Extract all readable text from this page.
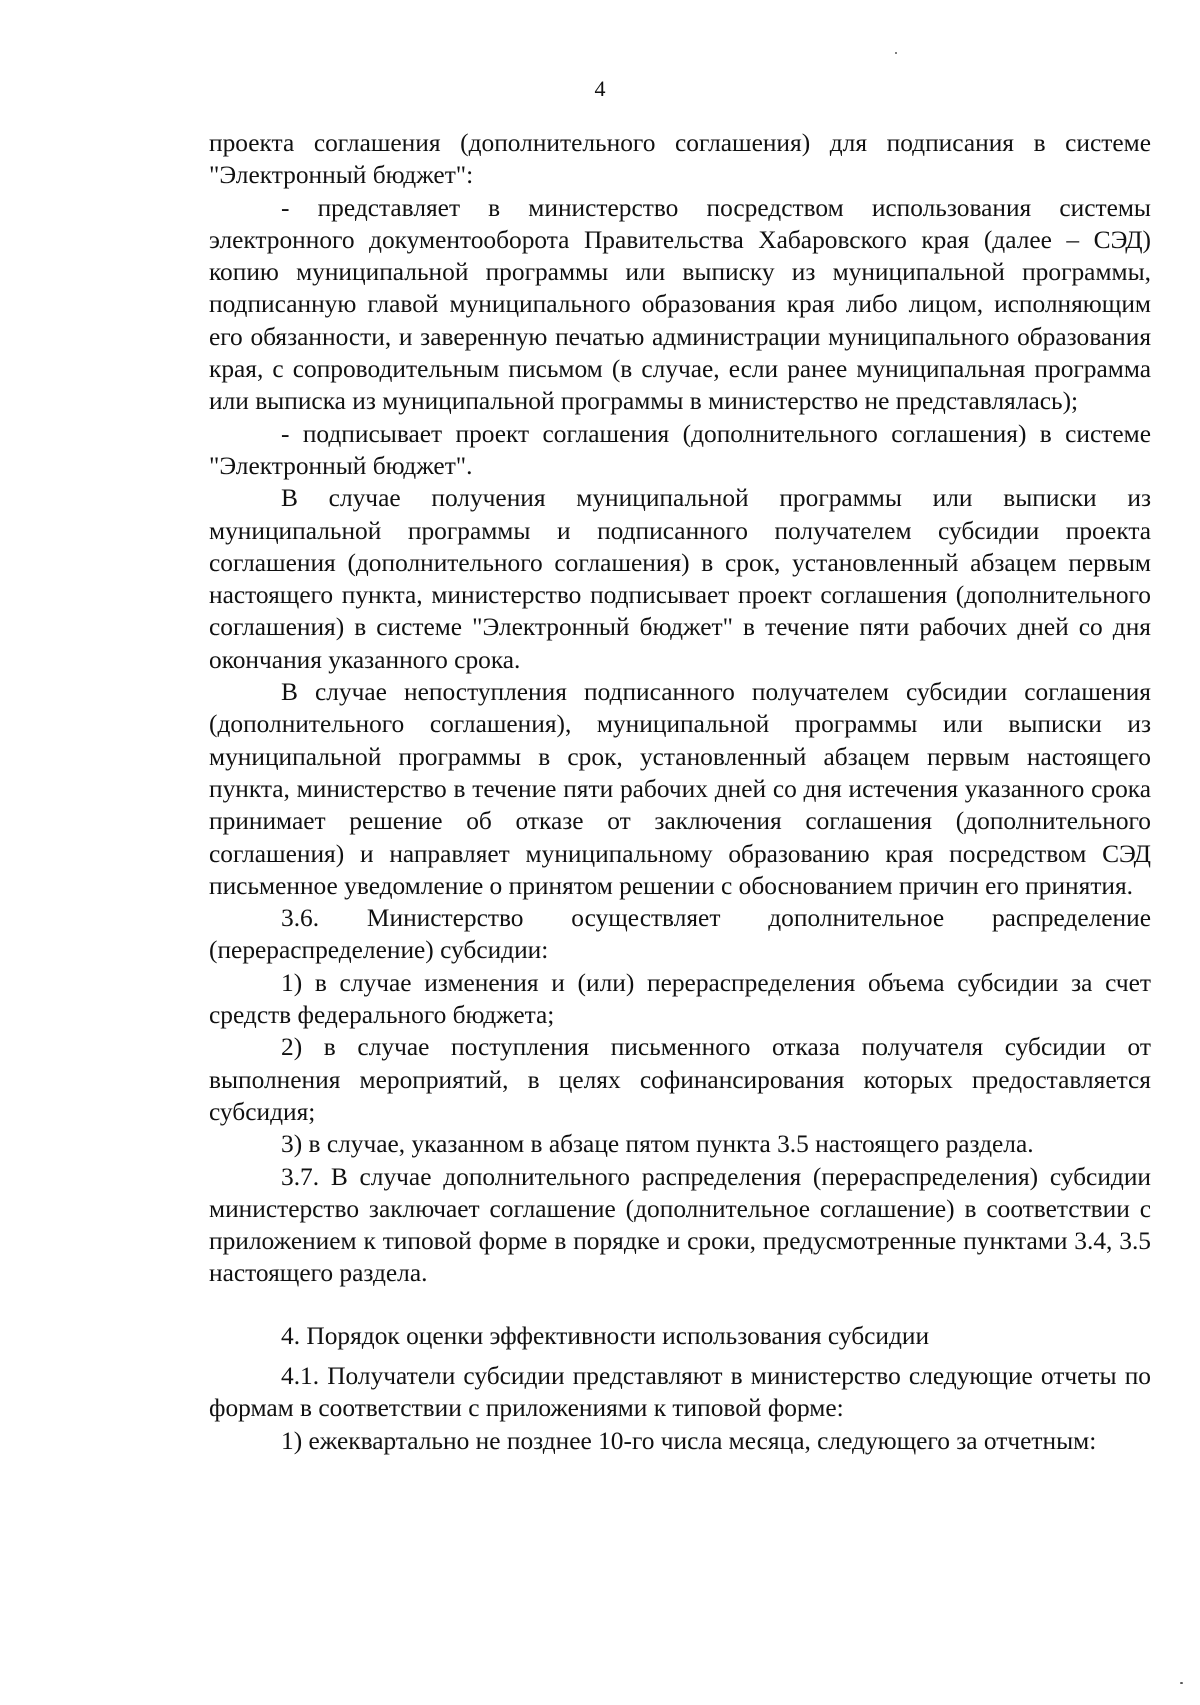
4

проекта соглашения (дополнительного соглашения) для подписания в системе "Электронный бюджет":

- представляет в министерство посредством использования системы электронного документооборота Правительства Хабаровского края (далее – СЭД) копию муниципальной программы или выписку из муниципальной программы, подписанную главой муниципального образования края либо лицом, исполняющим его обязанности, и заверенную печатью администрации муниципального образования края, с сопроводительным письмом (в случае, если ранее муниципальная программа или выписка из муниципальной программы в министерство не представлялась);

- подписывает проект соглашения (дополнительного соглашения) в системе "Электронный бюджет".

В случае получения муниципальной программы или выписки из муниципальной программы и подписанного получателем субсидии проекта соглашения (дополнительного соглашения) в срок, установленный абзацем первым настоящего пункта, министерство подписывает проект соглашения (дополнительного соглашения) в системе "Электронный бюджет" в течение пяти рабочих дней со дня окончания указанного срока.

В случае непоступления подписанного получателем субсидии соглашения (дополнительного соглашения), муниципальной программы или выписки из муниципальной программы в срок, установленный абзацем первым настоящего пункта, министерство в течение пяти рабочих дней со дня истечения указанного срока принимает решение об отказе от заключения соглашения (дополнительного соглашения) и направляет муниципальному образованию края посредством СЭД письменное уведомление о принятом решении с обоснованием причин его принятия.

3.6. Министерство осуществляет дополнительное распределение (перераспределение) субсидии:

1) в случае изменения и (или) перераспределения объема субсидии за счет средств федерального бюджета;

2) в случае поступления письменного отказа получателя субсидии от выполнения мероприятий, в целях софинансирования которых предоставляется субсидия;

3) в случае, указанном в абзаце пятом пункта 3.5 настоящего раздела.

3.7. В случае дополнительного распределения (перераспределения) субсидии министерство заключает соглашение (дополнительное соглашение) в соответствии с приложением к типовой форме в порядке и сроки, предусмотренные пунктами 3.4, 3.5 настоящего раздела.

4. Порядок оценки эффективности использования субсидии

4.1. Получатели субсидии представляют в министерство следующие отчеты по формам в соответствии с приложениями к типовой форме:

1) ежеквартально не позднее 10-го числа месяца, следующего за отчетным:
